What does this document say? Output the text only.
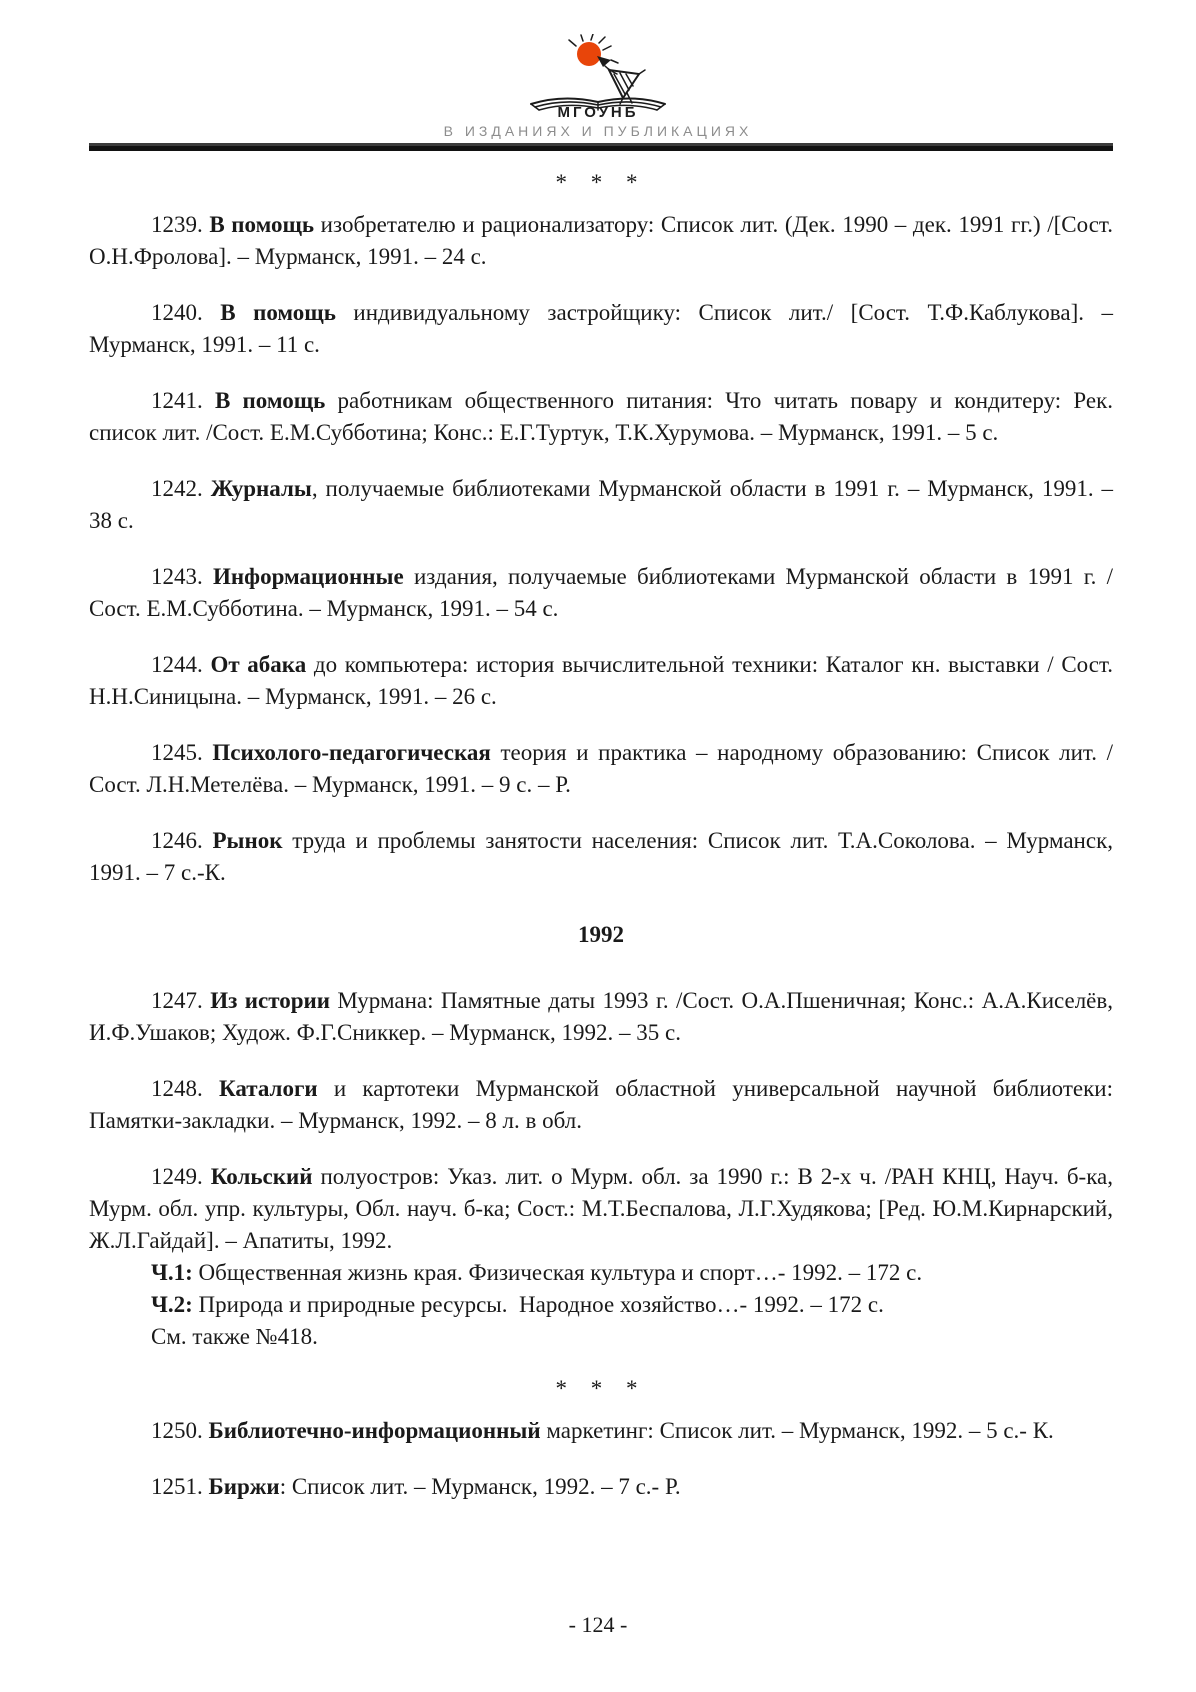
МГОУНБ
В ИЗДАНИЯХ И ПУБЛИКАЦИЯХ
* * *

1239. В помощь изобретателю и рационализатору: Список лит. (Дек. 1990 – дек. 1991 гг.) /[Сост. О.Н.Фролова]. – Мурманск, 1991. – 24 с.

1240. В помощь индивидуальному застройщику: Список лит./ [Сост. Т.Ф.Каблукова]. – Мурманск, 1991. – 11 с.

1241. В помощь работникам общественного питания: Что читать повару и кондитеру: Рек. список лит. /Сост. Е.М.Субботина; Конс.: Е.Г.Туртук, Т.К.Хурумова. – Мурманск, 1991. – 5 с.

1242. Журналы, получаемые библиотеками Мурманской области в 1991 г. – Мурманск, 1991. – 38 с.

1243. Информационные издания, получаемые библиотеками Мурманской области в 1991 г. /Сост. Е.М.Субботина. – Мурманск, 1991. – 54 с.

1244. От абака до компьютера: история вычислительной техники: Каталог кн. выставки / Сост. Н.Н.Синицына. – Мурманск, 1991. – 26 с.

1245. Психолого-педагогическая теория и практика – народному образованию: Список лит. /Сост. Л.Н.Метелёва. – Мурманск, 1991. – 9 с. – Р.

1246. Рынок труда и проблемы занятости населения: Список лит. Т.А.Соколова. – Мурманск, 1991. – 7 с.-К.

1992

1247. Из истории Мурмана: Памятные даты 1993 г. /Сост. О.А.Пшеничная; Конс.: А.А.Киселёв, И.Ф.Ушаков; Худож. Ф.Г.Сниккер. – Мурманск, 1992. – 35 с.

1248. Каталоги и картотеки Мурманской областной универсальной научной библиотеки: Памятки-закладки. – Мурманск, 1992. – 8 л. в обл.

1249. Кольский полуостров: Указ. лит. о Мурм. обл. за 1990 г.: В 2-х ч. /РАН КНЦ, Науч. б-ка, Мурм. обл. упр. культуры, Обл. науч. б-ка; Сост.: М.Т.Беспалова, Л.Г.Худякова; [Ред. Ю.М.Кирнарский, Ж.Л.Гайдай]. – Апатиты, 1992.

Ч.1: Общественная жизнь края. Физическая культура и спорт…- 1992. – 172 с.

Ч.2: Природа и природные ресурсы.  Народное хозяйство…- 1992. – 172 с.

См. также №418.

* * *

1250. Библиотечно-информационный маркетинг: Список лит. – Мурманск, 1992. – 5 с.- К.

1251. Биржи: Список лит. – Мурманск, 1992. – 7 с.- Р.

- 124 -
